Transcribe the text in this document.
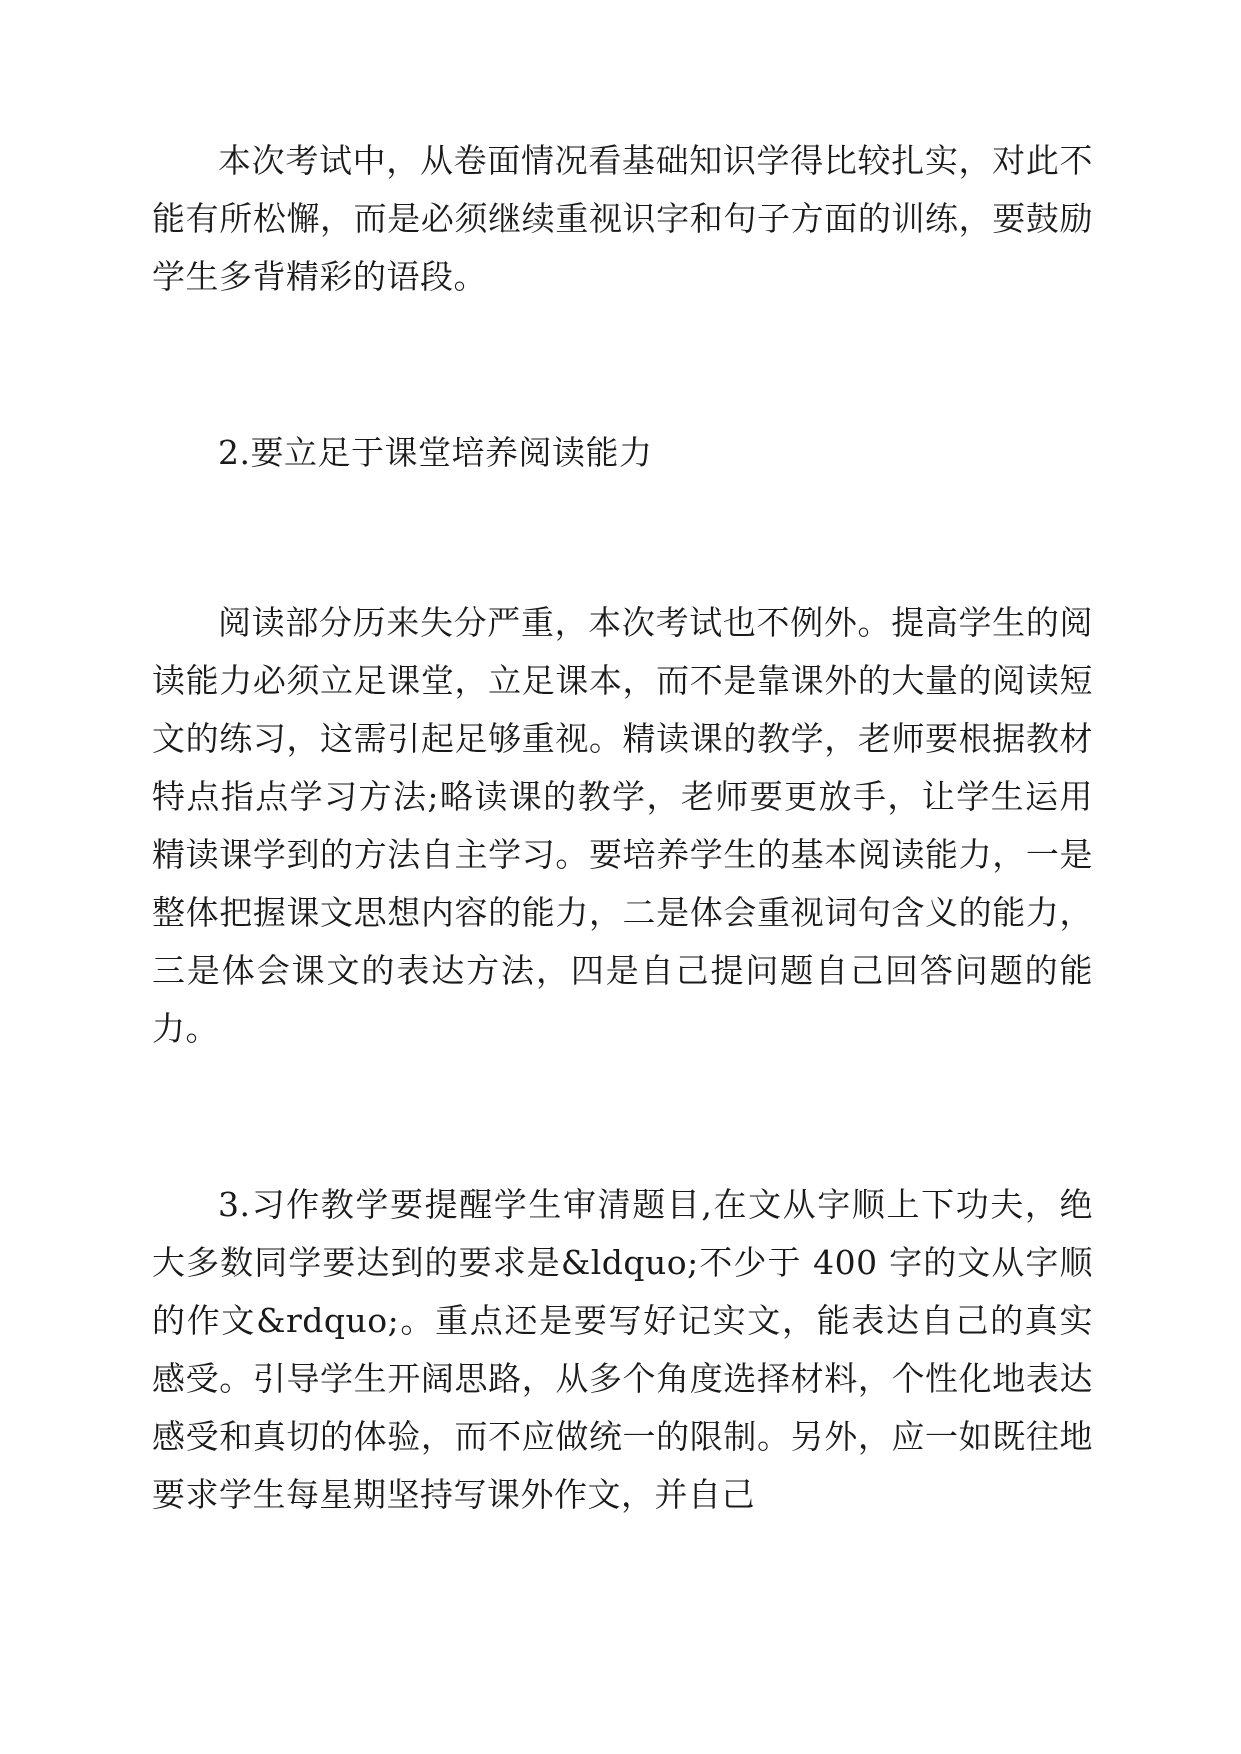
本次考试中，从卷面情况看基础知识学得比较扎实，对此不能有所松懈，而是必须继续重视识字和句子方面的训练，要鼓励学生多背精彩的语段。

2.要立足于课堂培养阅读能力

阅读部分历来失分严重，本次考试也不例外。提高学生的阅读能力必须立足课堂，立足课本，而不是靠课外的大量的阅读短文的练习，这需引起足够重视。精读课的教学，老师要根据教材特点指点学习方法;略读课的教学，老师要更放手，让学生运用精读课学到的方法自主学习。要培养学生的基本阅读能力，一是整体把握课文思想内容的能力，二是体会重视词句含义的能力，三是体会课文的表达方法，四是自己提问题自己回答问题的能力。

3.习作教学要提醒学生审清题目,在文从字顺上下功夫，绝大多数同学要达到的要求是&ldquo;不少于 400 字的文从字顺的作文&rdquo;。重点还是要写好记实文，能表达自己的真实感受。引导学生开阔思路，从多个角度选择材料，个性化地表达感受和真切的体验，而不应做统一的限制。另外，应一如既往地要求学生每星期坚持写课外作文，并自己
